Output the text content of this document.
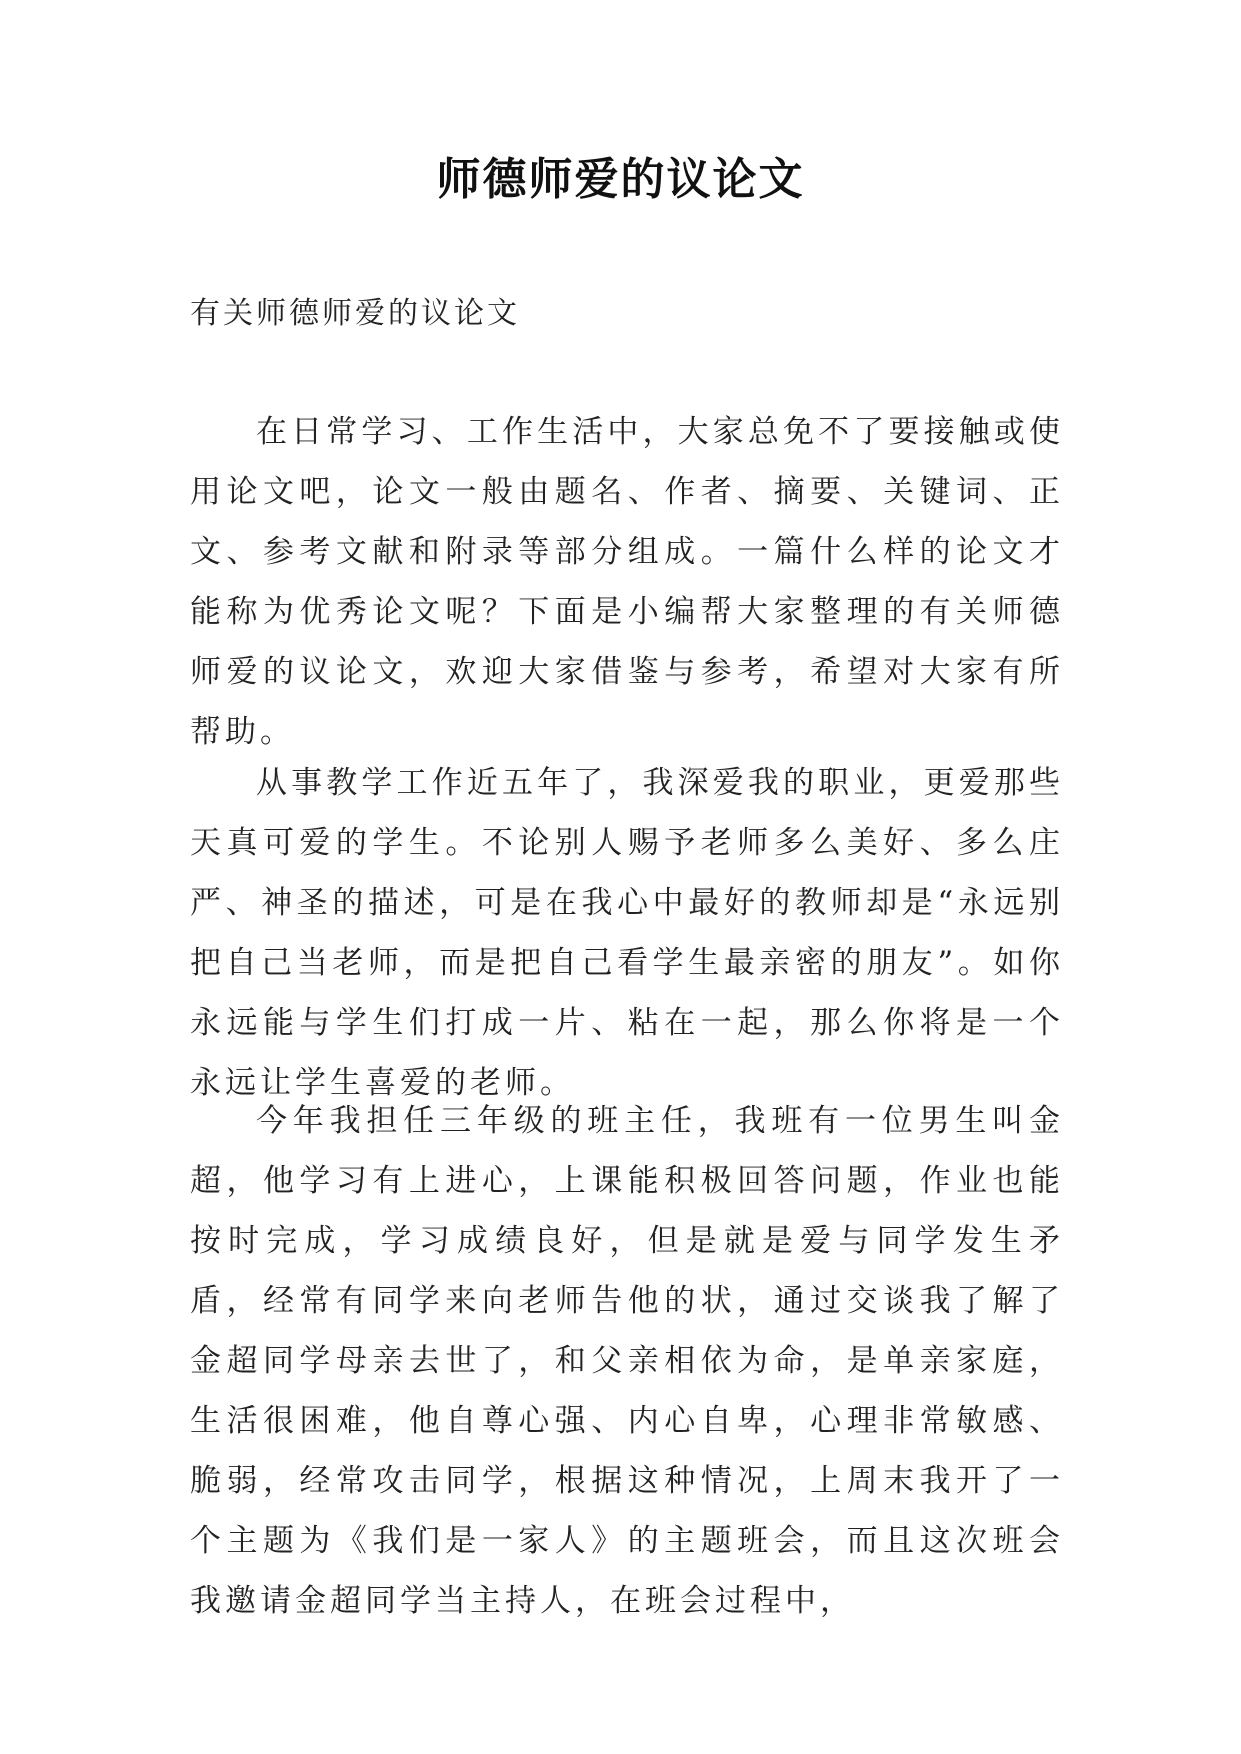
师德师爱的议论文
有关师德师爱的议论文

在日常学习、工作生活中，大家总免不了要接触或使用论文吧，论文一般由题名、作者、摘要、关键词、正文、参考文献和附录等部分组成。一篇什么样的论文才能称为优秀论文呢？下面是小编帮大家整理的有关师德师爱的议论文，欢迎大家借鉴与参考，希望对大家有所帮助。

从事教学工作近五年了，我深爱我的职业，更爱那些天真可爱的学生。不论别人赐予老师多么美好、多么庄严、神圣的描述，可是在我心中最好的教师却是“永远别把自己当老师，而是把自己看学生最亲密的朋友”。如你永远能与学生们打成一片、粘在一起，那么你将是一个永远让学生喜爱的老师。

今年我担任三年级的班主任，我班有一位男生叫金超，他学习有上进心，上课能积极回答问题，作业也能按时完成，学习成绩良好，但是就是爱与同学发生矛盾，经常有同学来向老师告他的状，通过交谈我了解了金超同学母亲去世了，和父亲相依为命，是单亲家庭，生活很困难，他自尊心强、内心自卑，心理非常敏感、脆弱，经常攻击同学，根据这种情况，上周末我开了一个主题为《我们是一家人》的主题班会，而且这次班会我邀请金超同学当主持人，在班会过程中，
